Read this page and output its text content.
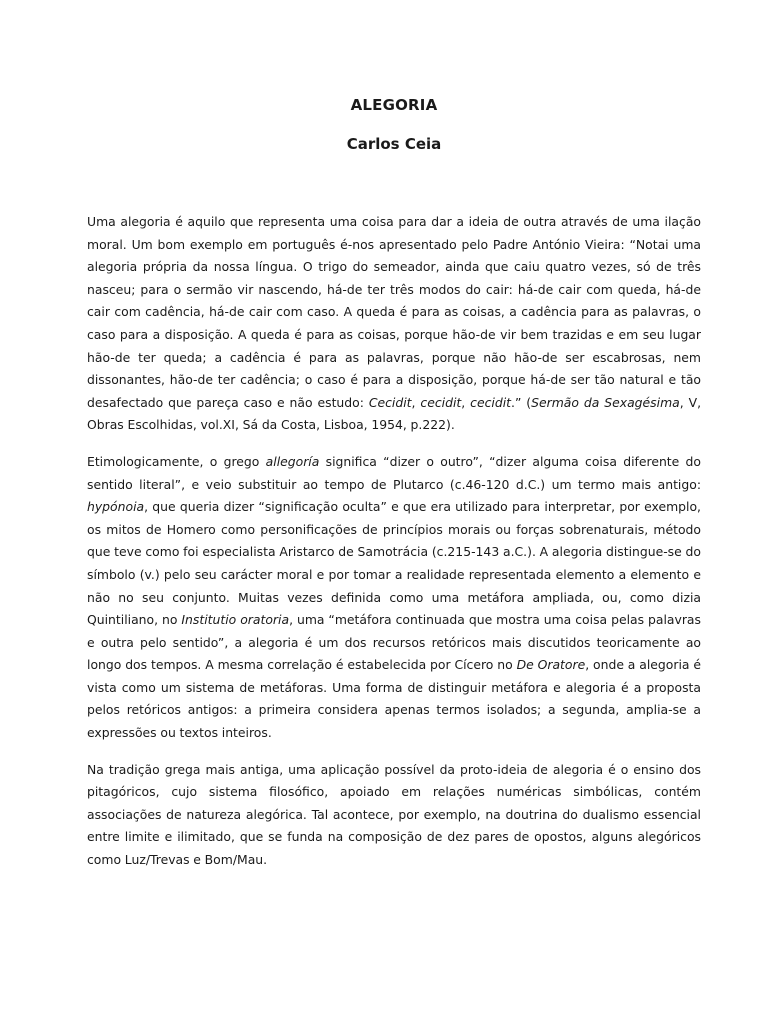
ALEGORIA
Carlos Ceia

Uma alegoria é aquilo que representa uma coisa para dar a ideia de outra através de uma ilação moral. Um bom exemplo em português é-nos apresentado pelo Padre António Vieira: “Notai uma alegoria própria da nossa língua. O trigo do semeador, ainda que caiu quatro vezes, só de três nasceu; para o sermão vir nascendo, há-de ter três modos do cair: há-de cair com queda, há-de cair com cadência, há-de cair com caso. A queda é para as coisas, a cadência para as palavras, o caso para a disposição. A queda é para as coisas, porque hão-de vir bem trazidas e em seu lugar hão-de ter queda; a cadência é para as palavras, porque não hão-de ser escabrosas, nem dissonantes, hão-de ter cadência; o caso é para a disposição, porque há-de ser tão natural e tão desafectado que pareça caso e não estudo: Cecidit, cecidit, cecidit.” (Sermão da Sexagésima, V, Obras Escolhidas, vol.XI, Sá da Costa, Lisboa, 1954, p.222).

Etimologicamente, o grego allegoría significa “dizer o outro”, “dizer alguma coisa diferente do sentido literal”, e veio substituir ao tempo de Plutarco (c.46-120 d.C.) um termo mais antigo: hypónoia, que queria dizer “significação oculta” e que era utilizado para interpretar, por exemplo, os mitos de Homero como personificações de princípios morais ou forças sobrenaturais, método que teve como foi especialista Aristarco de Samotrácia (c.215-143 a.C.). A alegoria distingue-se do símbolo (v.) pelo seu carácter moral e por tomar a realidade representada elemento a elemento e não no seu conjunto. Muitas vezes definida como uma metáfora ampliada, ou, como dizia Quintiliano, no Institutio oratoria, uma “metáfora continuada que mostra uma coisa pelas palavras e outra pelo sentido”, a alegoria é um dos recursos retóricos mais discutidos teoricamente ao longo dos tempos. A mesma correlação é estabelecida por Cícero no De Oratore, onde a alegoria é vista como um sistema de metáforas. Uma forma de distinguir metáfora e alegoria é a proposta pelos retóricos antigos: a primeira considera apenas termos isolados; a segunda, amplia-se a expressões ou textos inteiros.

Na tradição grega mais antiga, uma aplicação possível da proto-ideia de alegoria é o ensino dos pitagóricos, cujo sistema filosófico, apoiado em relações numéricas simbólicas, contém associações de natureza alegórica. Tal acontece, por exemplo, na doutrina do dualismo essencial entre limite e ilimitado, que se funda na composição de dez pares de opostos, alguns alegóricos como Luz/Trevas e Bom/Mau.
